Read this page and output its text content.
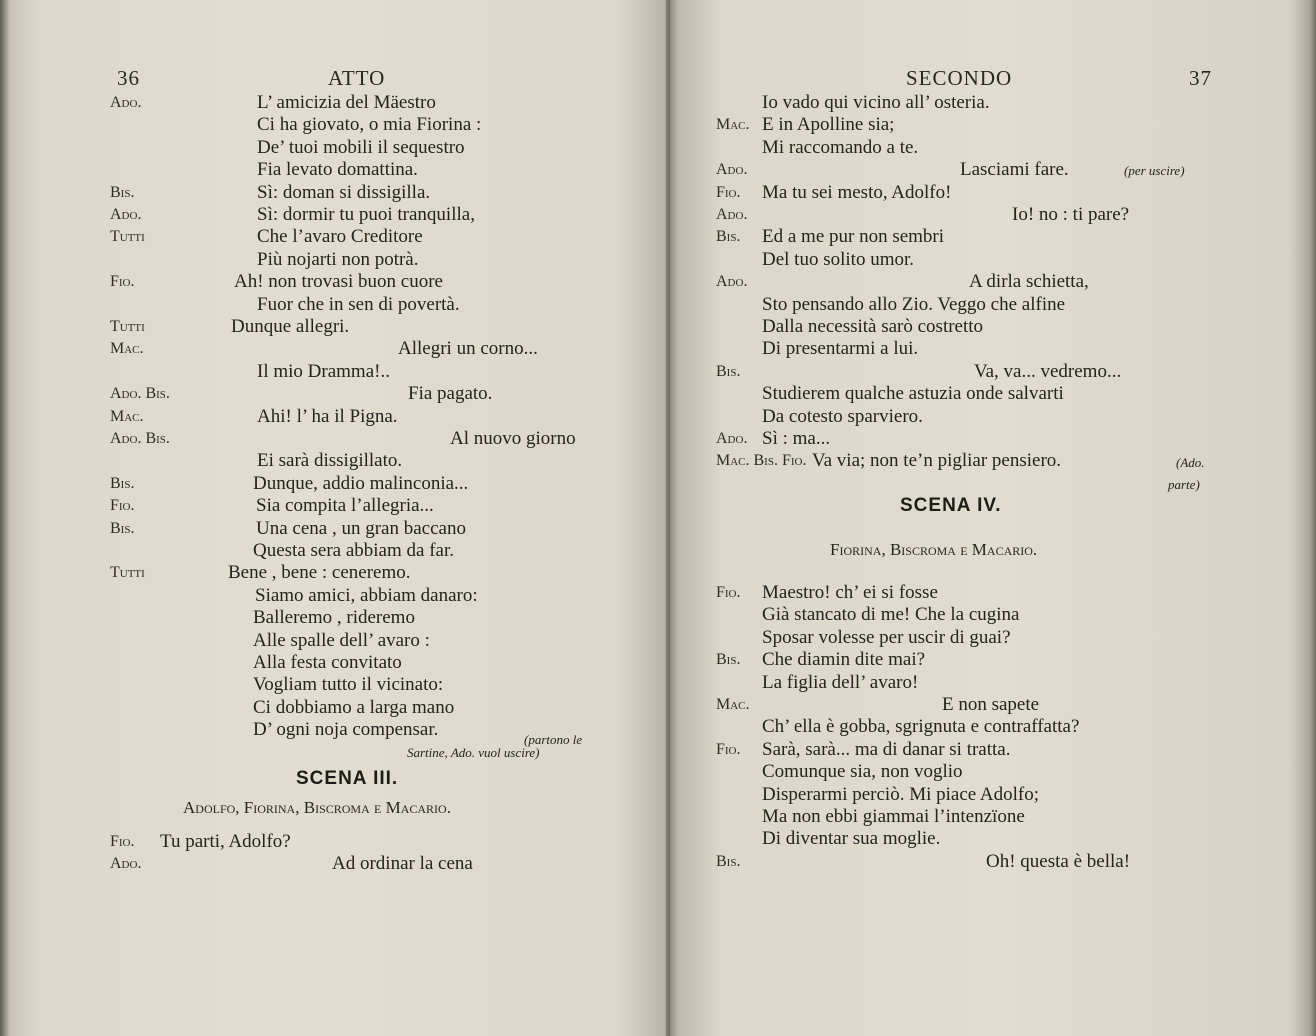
36	ATTO
Ado.	L’ amicizia del Mäestro
Ci ha giovato, o mia Fiorina :
De’ tuoi mobili il sequestro
Fia levato domattina.
Bis.	Sì: doman si dissigilla.
Ado.	Sì: dormir tu puoi tranquilla,
Tutti	Che l’avaro Creditore
Più nojarti non potrà.
Fio.	Ah! non trovasi buon cuore
Fuor che in sen di povertà.
Tutti	Dunque allegri.
Mac.	Allegri un corno...
Il mio Dramma!..
Ado. Bis.	Fia pagato.
Mac.	Ahi! l’ ha il Pigna.
Ado. Bis.	Al nuovo giorno
Ei sarà dissigillato.
Bis.	Dunque, addio malinconia...
Fio.	Sia compita l’allegria...
Bis.	Una cena , un gran baccano
Questa sera abbiam da far.
Tutti	Bene , bene : ceneremo.
Siamo amici, abbiam danaro:
Balleremo , rideremo
Alle spalle dell’ avaro :
Alla festa convitato
Vogliam tutto il vicinato:
Ci dobbiamo a larga mano
D’ ogni noja compensar.	(partono le
Sartine, Ado. vuol uscire)
SCENA III.
Adolfo, Fiorina, Biscroma e Macario.
Fio. Tu parti, Adolfo?
Ado.	Ad ordinar la cena
SECONDO	37
Io vado qui vicino all’ osteria.
Mac. E in Apolline sia;
Mi raccomando a te.
Ado.	Lasciami fare.
Fio. Ma tu sei mesto, Adolfo!
Ado.	Io! no : ti pare?
Bis. Ed a me pur non sembri
Del tuo solito umor.
Ado.	A dirla schietta,
Sto pensando allo Zio. Veggo che alfine
Dalla necessità sarò costretto
Di presentarmi a lui.
Bis.	Va, va... vedremo...
Studierem qualche astuzia onde salvarti
Da cotesto sparviero.
Ado. Sì : ma...
Mac. Bis. Fio. Va via; non te’n pigliar pensiero.
(per uscire)
(Ado.
parte)
SCENA IV.
Fiorina, Biscroma e Macario.
Fio. Maestro! ch’ ei si fosse
Già stancato di me! Che la cugina
Sposar volesse per uscir di guai?
Bis. Che diamin dite mai?
La figlia dell’ avaro!
Mac.	E non sapete
Ch’ ella è gobba, sgrignuta e contraffatta?
Fio. Sarà, sarà... ma di danar si tratta.
Comunque sia, non voglio
Disperarmi perciò. Mi piace Adolfo;
Ma non ebbi giammai l’intenzïone
Di diventar sua moglie.
Bis.	Oh! questa è bella!
